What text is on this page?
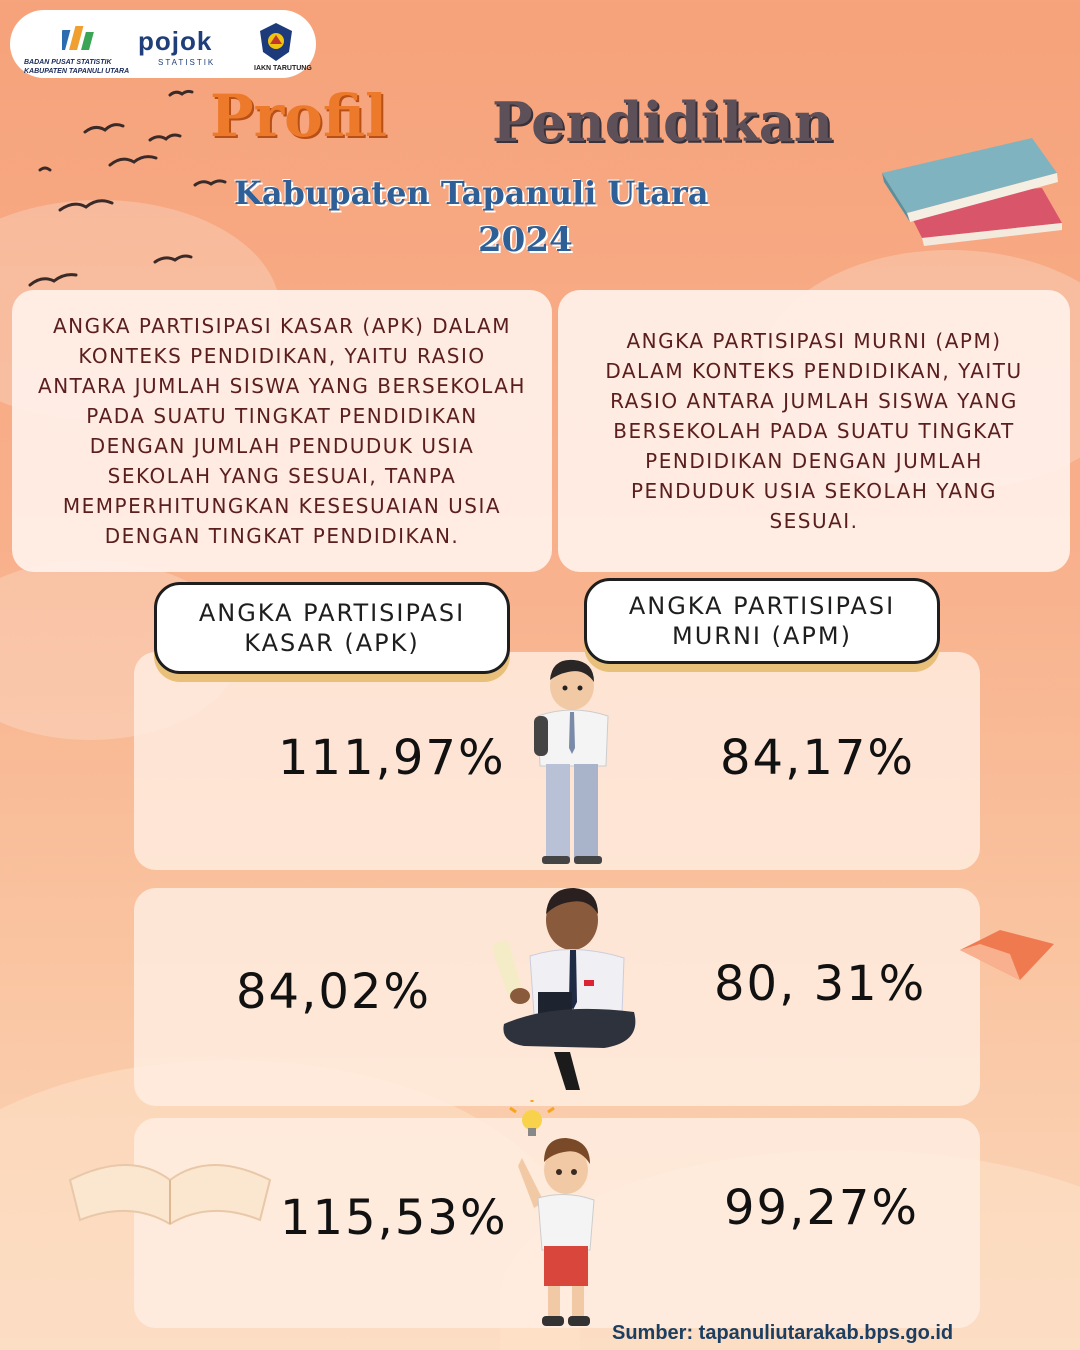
BADAN PUSAT STATISTIK
KABUPATEN TAPANULI UTARA
pojok
STATISTIK
IAKN TARUTUNG
Profil Pendidikan
Kabupaten Tapanuli Utara
2024
ANGKA PARTISIPASI KASAR (APK) DALAM KONTEKS PENDIDIKAN, YAITU RASIO ANTARA JUMLAH SISWA YANG BERSEKOLAH PADA SUATU TINGKAT PENDIDIKAN DENGAN JUMLAH PENDUDUK USIA SEKOLAH YANG SESUAI, TANPA MEMPERHITUNGKAN KESESUAIAN USIA DENGAN TINGKAT PENDIDIKAN.
ANGKA PARTISIPASI MURNI (APM) DALAM KONTEKS PENDIDIKAN, YAITU RASIO ANTARA JUMLAH SISWA YANG BERSEKOLAH PADA SUATU TINGKAT PENDIDIKAN DENGAN JUMLAH PENDUDUK USIA SEKOLAH YANG SESUAI.
ANGKA PARTISIPASI KASAR (APK)
ANGKA PARTISIPASI MURNI (APM)
111,97%	84,17%
84,02%	80, 31%
115,53%	99,27%
Sumber: tapanuliutarakab.bps.go.id
